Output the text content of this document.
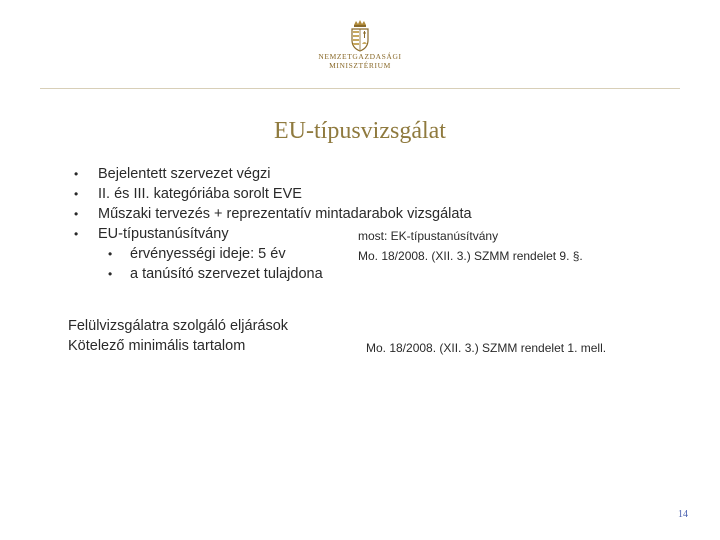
NEMZETGAZDASÁGI
MINISZTÉRIUM
EU-típusvizsgálat
• Bejelentett szervezet végzi
• II. és III. kategóriába sorolt EVE
• Műszaki tervezés + reprezentatív mintadarabok vizsgálata
• EU-típustanúsítvány
• érvényességi ideje: 5 év
• a tanúsító szervezet tulajdona
most: EK-típustanúsítvány
Mo. 18/2008. (XII. 3.) SZMM rendelet 9. §.
Felülvizsgálatra szolgáló eljárások
Kötelező minimális tartalom	Mo. 18/2008. (XII. 3.) SZMM rendelet 1. mell.
14
